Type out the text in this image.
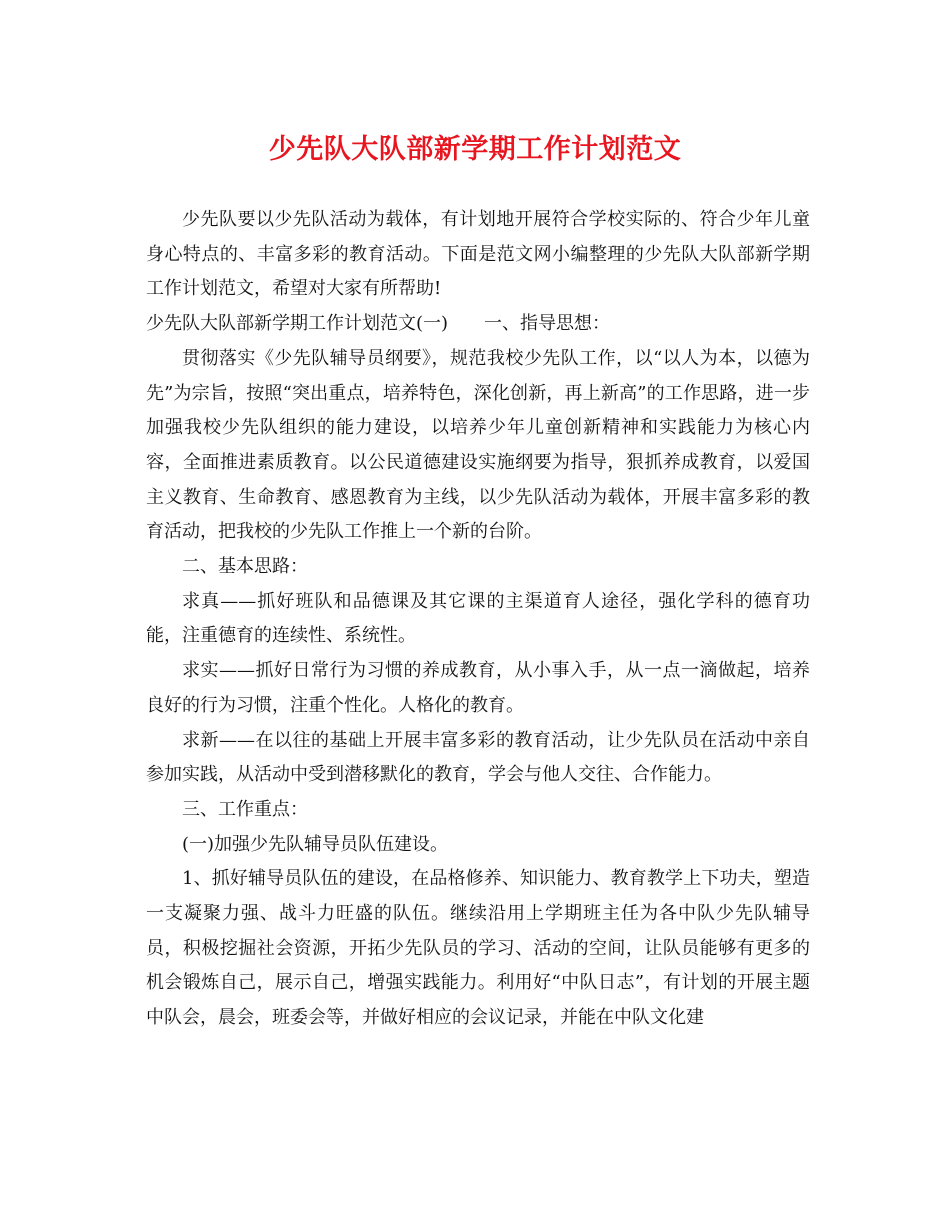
少先队大队部新学期工作计划范文

少先队要以少先队活动为载体，有计划地开展符合学校实际的、符合少年儿童身心特点的、丰富多彩的教育活动。下面是范文网小编整理的少先队大队部新学期工作计划范文，希望对大家有所帮助!

少先队大队部新学期工作计划范文(一)　　一、指导思想：

贯彻落实《少先队辅导员纲要》，规范我校少先队工作，以“以人为本，以德为先”为宗旨，按照“突出重点，培养特色，深化创新，再上新高”的工作思路，进一步加强我校少先队组织的能力建设，以培养少年儿童创新精神和实践能力为核心内容，全面推进素质教育。以公民道德建设实施纲要为指导，狠抓养成教育，以爱国主义教育、生命教育、感恩教育为主线，以少先队活动为载体，开展丰富多彩的教育活动，把我校的少先队工作推上一个新的台阶。

二、基本思路：

求真——抓好班队和品德课及其它课的主渠道育人途径，强化学科的德育功能，注重德育的连续性、系统性。

求实——抓好日常行为习惯的养成教育，从小事入手，从一点一滴做起，培养良好的行为习惯，注重个性化。人格化的教育。

求新——在以往的基础上开展丰富多彩的教育活动，让少先队员在活动中亲自参加实践，从活动中受到潜移默化的教育，学会与他人交往、合作能力。

三、工作重点：

(一)加强少先队辅导员队伍建设。

1、抓好辅导员队伍的建设，在品格修养、知识能力、教育教学上下功夫，塑造一支凝聚力强、战斗力旺盛的队伍。继续沿用上学期班主任为各中队少先队辅导员，积极挖掘社会资源，开拓少先队员的学习、活动的空间，让队员能够有更多的机会锻炼自己，展示自己，增强实践能力。利用好“中队日志”，有计划的开展主题中队会，晨会，班委会等，并做好相应的会议记录，并能在中队文化建
